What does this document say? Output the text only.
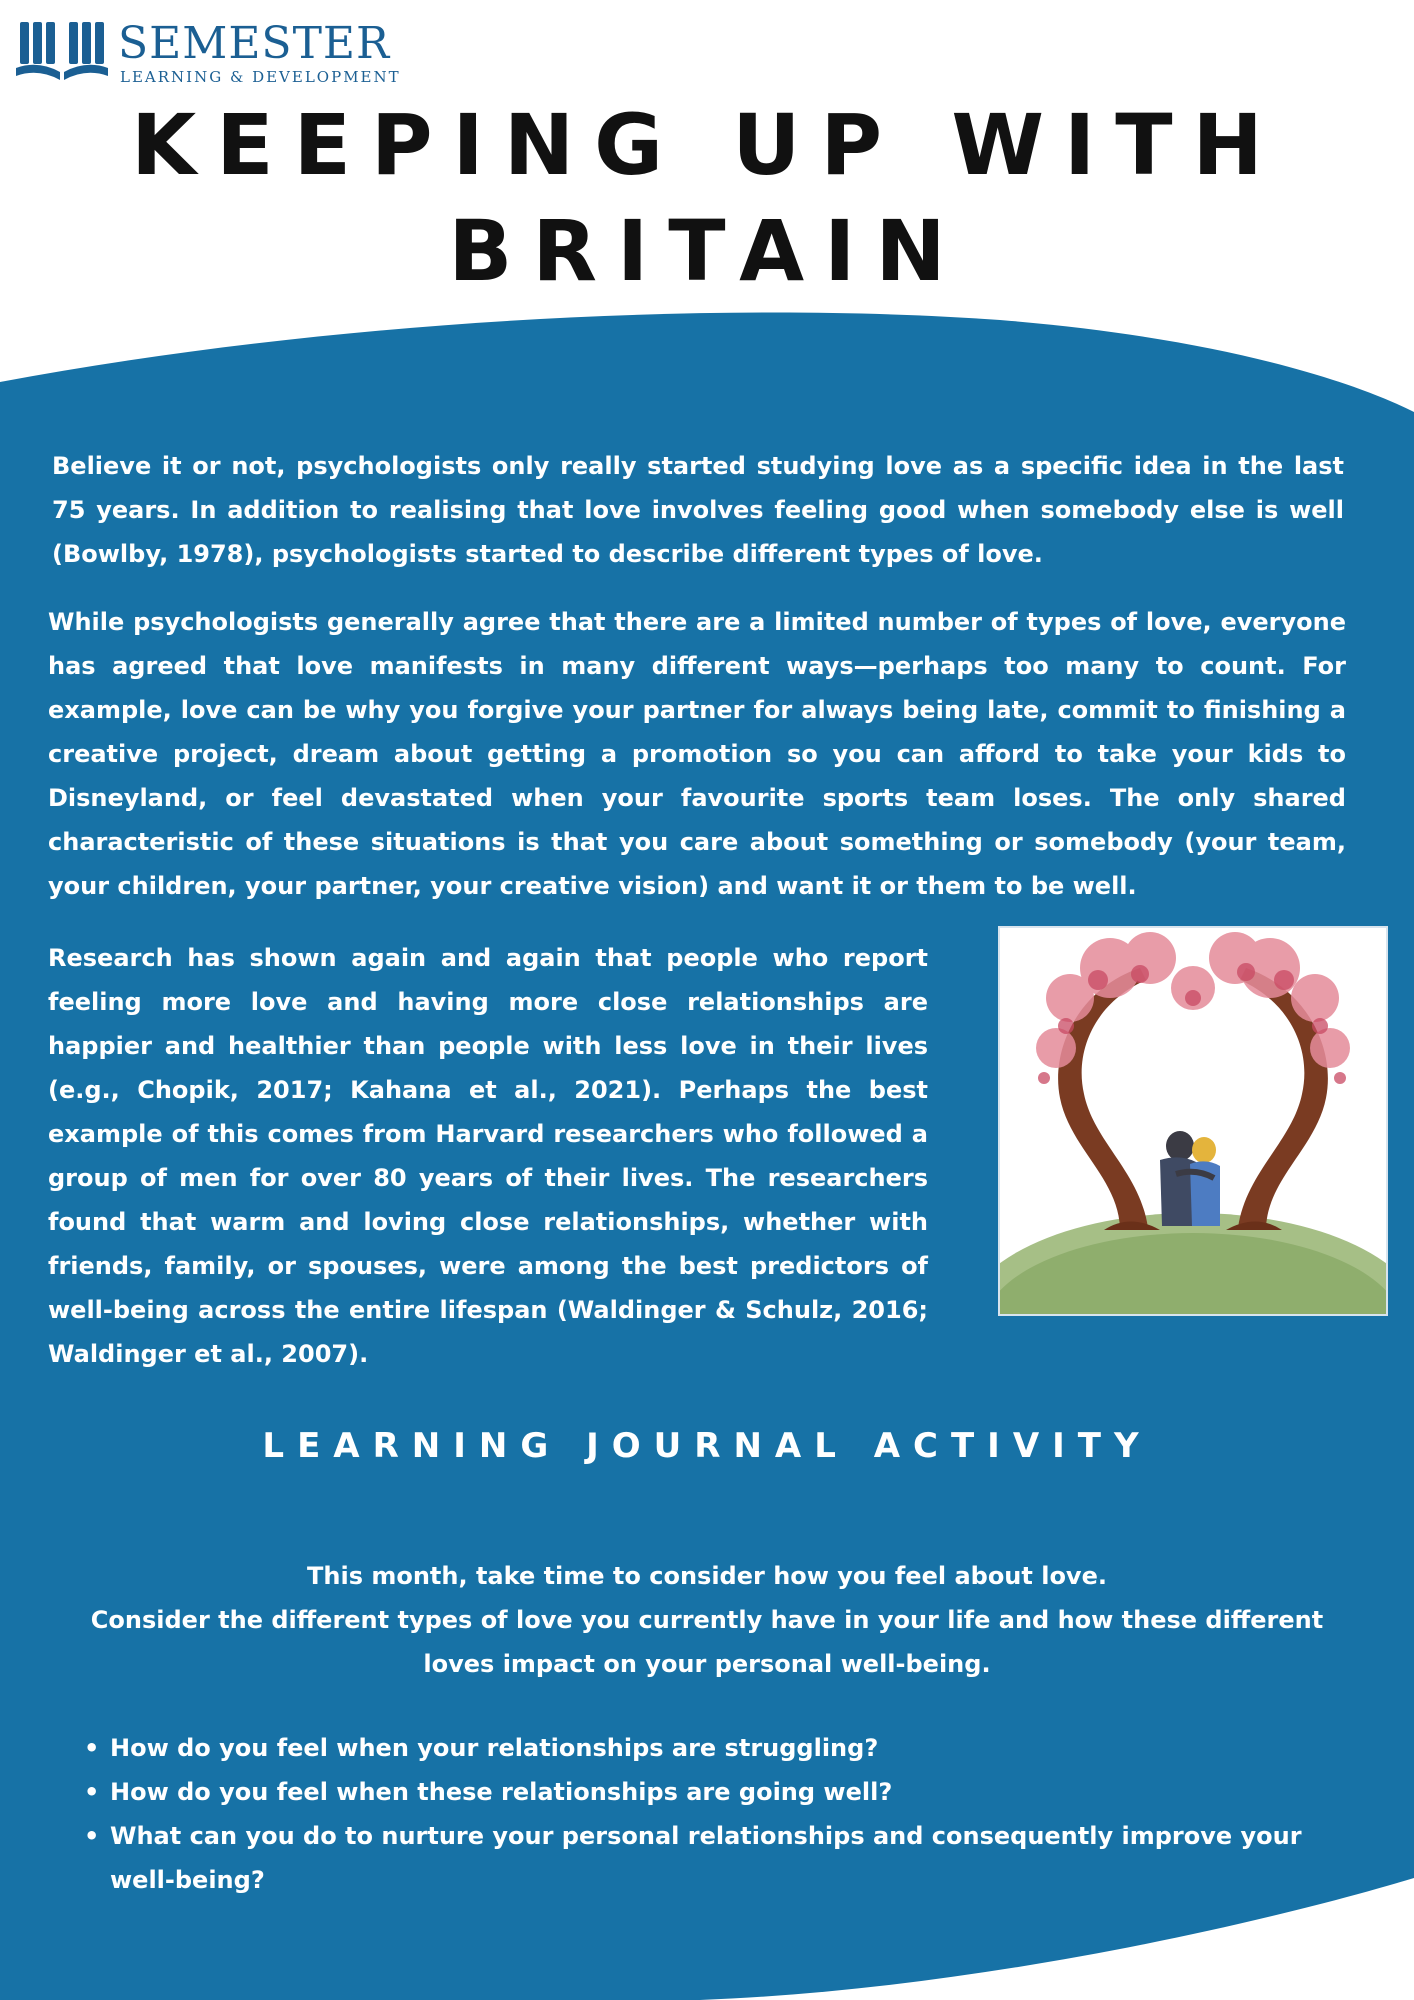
SEMESTER
LEARNING & DEVELOPMENT
KEEPING UP WITH
BRITAIN

Believe it or not, psychologists only really started studying love as a specific idea in the last 75 years. In addition to realising that love involves feeling good when somebody else is well (Bowlby, 1978), psychologists started to describe different types of love.

While psychologists generally agree that there are a limited number of types of love, everyone has agreed that love manifests in many different ways—perhaps too many to count. For example, love can be why you forgive your partner for always being late, commit to finishing a creative project, dream about getting a promotion so you can afford to take your kids to Disneyland, or feel devastated when your favourite sports team loses. The only shared characteristic of these situations is that you care about something or somebody (your team, your children, your partner, your creative vision) and want it or them to be well.

Research has shown again and again that people who report feeling more love and having more close relationships are happier and healthier than people with less love in their lives (e.g., Chopik, 2017; Kahana et al., 2021). Perhaps the best example of this comes from Harvard researchers who followed a group of men for over 80 years of their lives. The researchers found that warm and loving close relationships, whether with friends, family, or spouses, were among the best predictors of well-being across the entire lifespan (Waldinger & Schulz, 2016; Waldinger et al., 2007).

LEARNING JOURNAL ACTIVITY
This month, take time to consider how you feel about love.
Consider the different types of love you currently have in your life and how these different loves impact on your personal well-being.
• How do you feel when your relationships are struggling?
• How do you feel when these relationships are going well?
• What can you do to nurture your personal relationships and consequently improve your well-being?
